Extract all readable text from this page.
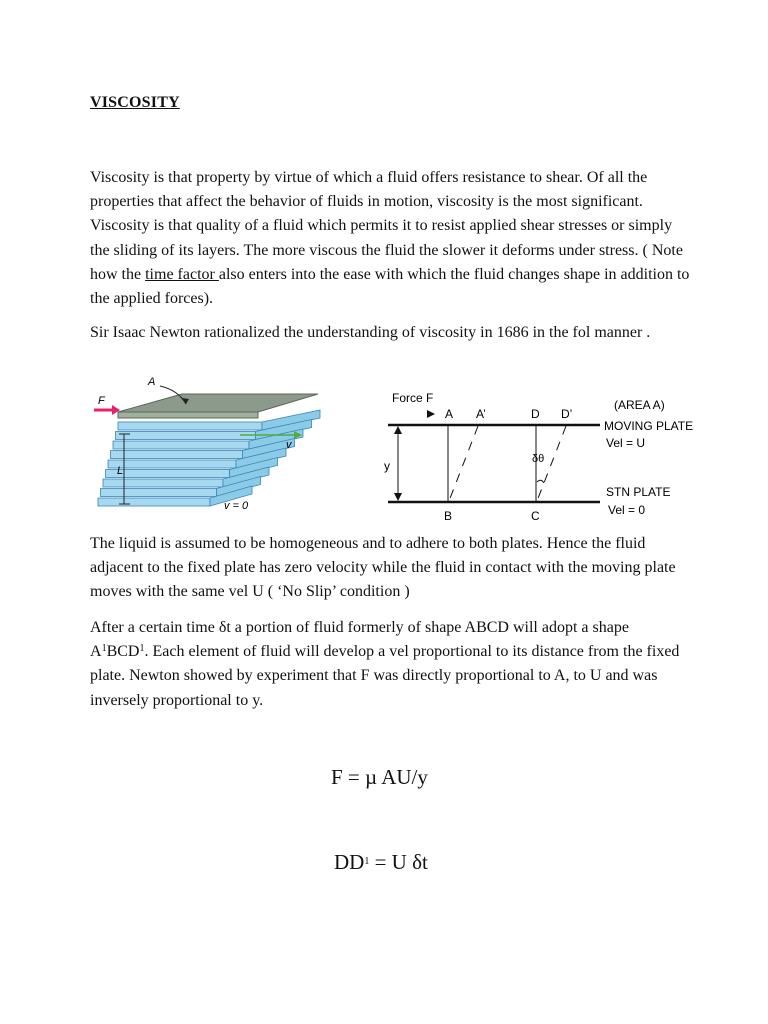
VISCOSITY
Viscosity is that property by virtue of which a fluid offers resistance to shear. Of all the properties that affect the behavior of fluids in motion, viscosity is the most significant. Viscosity is that quality of a fluid which permits it to resist applied shear stresses or simply the sliding of its layers. The more viscous the fluid the slower it deforms under stress. ( Note how the time factor also enters into the ease with which the fluid changes shape in addition to the applied forces).
Sir Isaac Newton rationalized the understanding of viscosity in 1686 in the fol manner .
A
F
v
L
v = 0
Force F
A A’	D D’
(AREA A)
MOVING PLATE
Vel = U
STN PLATE
Vel = 0
y	δθ
B	C
The liquid is assumed to be homogeneous and to adhere to both plates. Hence the fluid adjacent to the fixed plate has zero velocity while the fluid in contact with the moving plate moves with the same vel U ( ‘No Slip’ condition )
After a certain time δt a portion of fluid formerly of shape ABCD will adopt a shape $A^1BCD^1$. Each element of fluid will develop a vel proportional to its distance from the fixed plate. Newton showed by experiment that F was directly proportional to A, to U and was inversely proportional to y.
F = µ AU/y
$DD^1 = U$ δt
